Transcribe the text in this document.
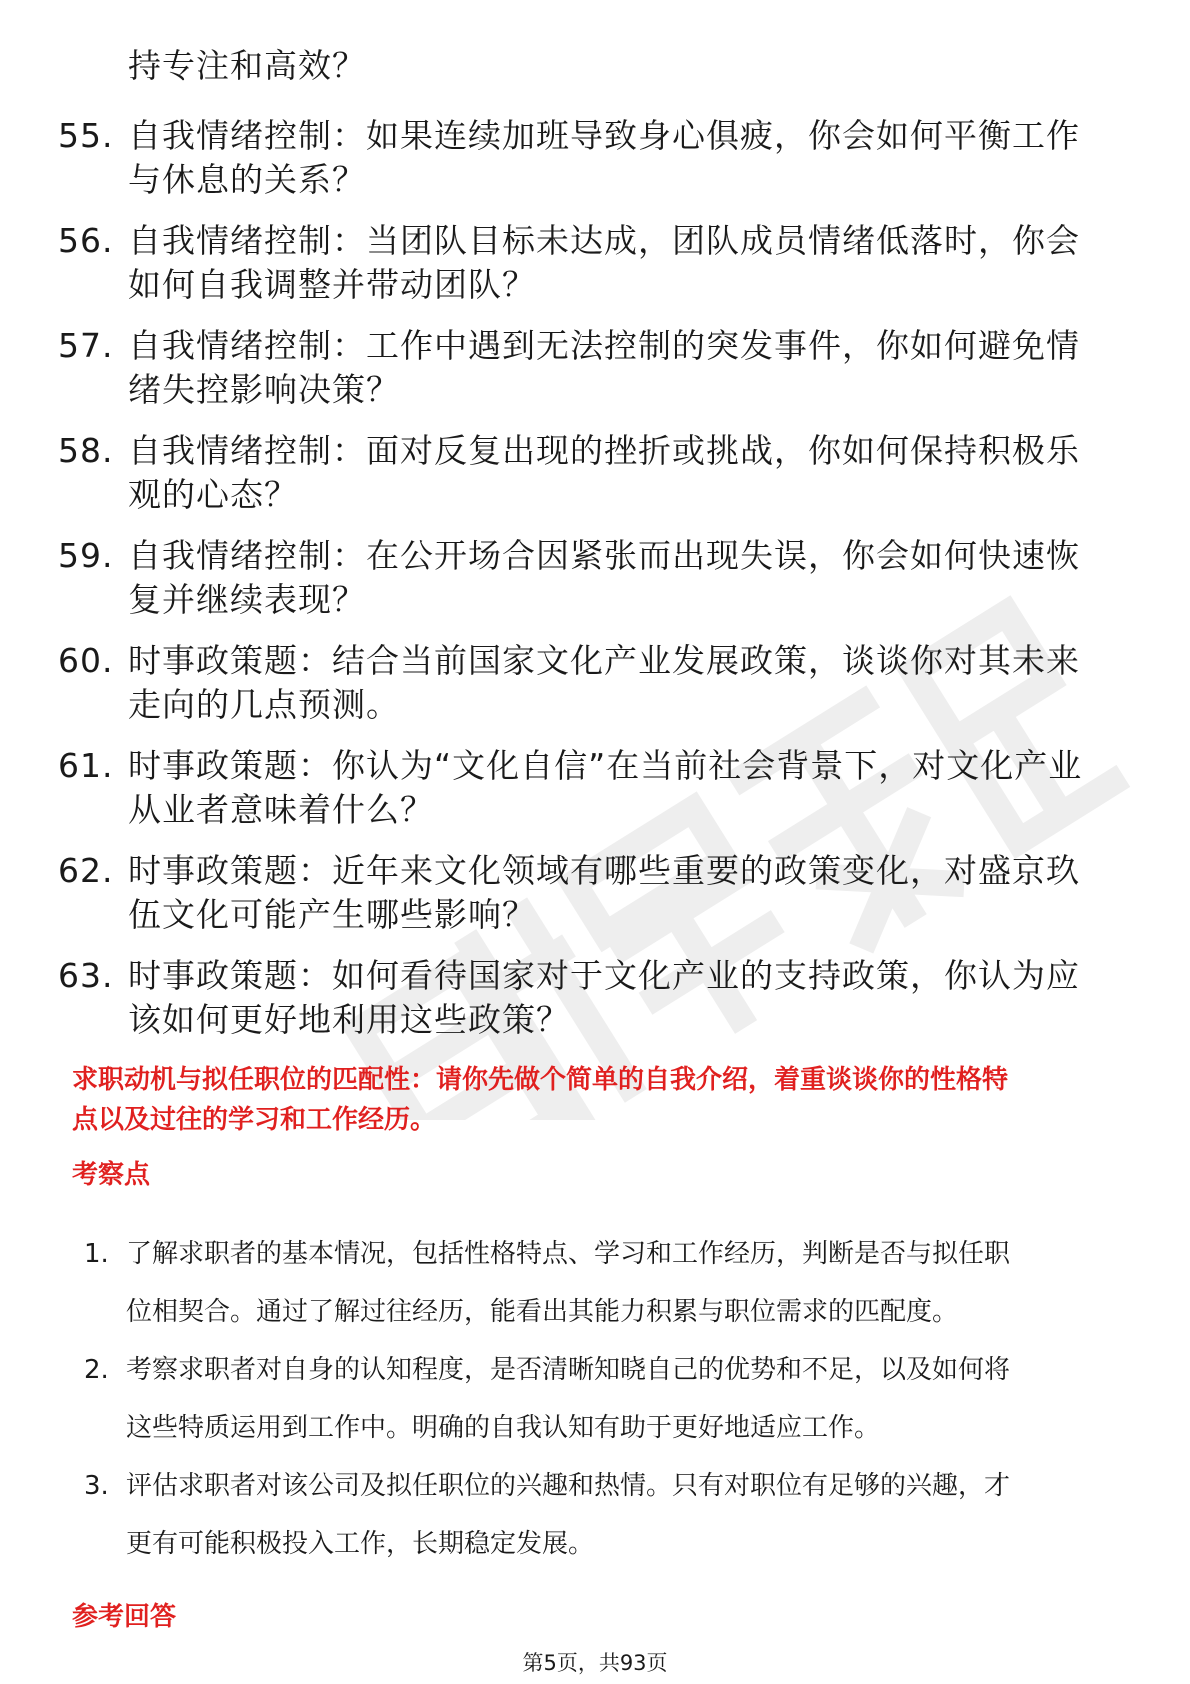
持专注和高效？
55. 自我情绪控制：如果连续加班导致身心俱疲，你会如何平衡工作
与休息的关系？
56. 自我情绪控制：当团队目标未达成，团队成员情绪低落时，你会
如何自我调整并带动团队？
57. 自我情绪控制：工作中遇到无法控制的突发事件，你如何避免情
绪失控影响决策？
58. 自我情绪控制：面对反复出现的挫折或挑战，你如何保持积极乐
观的心态？
59. 自我情绪控制：在公开场合因紧张而出现失误，你会如何快速恢
复并继续表现？
60. 时事政策题：结合当前国家文化产业发展政策，谈谈你对其未来
走向的几点预测。
61. 时事政策题：你认为“文化自信”在当前社会背景下，对文化产业
从业者意味着什么？
62. 时事政策题：近年来文化领域有哪些重要的政策变化，对盛京玖
伍文化可能产生哪些影响？
63. 时事政策题：如何看待国家对于文化产业的支持政策，你认为应
该如何更好地利用这些政策？
求职动机与拟任职位的匹配性：请你先做个简单的自我介绍，着重谈谈你的性格特
点以及过往的学习和工作经历。
考察点
1. 了解求职者的基本情况，包括性格特点、学习和工作经历，判断是否与拟任职
位相契合。通过了解过往经历，能看出其能力积累与职位需求的匹配度。
2. 考察求职者对自身的认知程度，是否清晰知晓自己的优势和不足，以及如何将
这些特质运用到工作中。明确的自我认知有助于更好地适应工作。
3. 评估求职者对该公司及拟任职位的兴趣和热情。只有对职位有足够的兴趣，才
更有可能积极投入工作，长期稳定发展。
参考回答
第5页，共93页
